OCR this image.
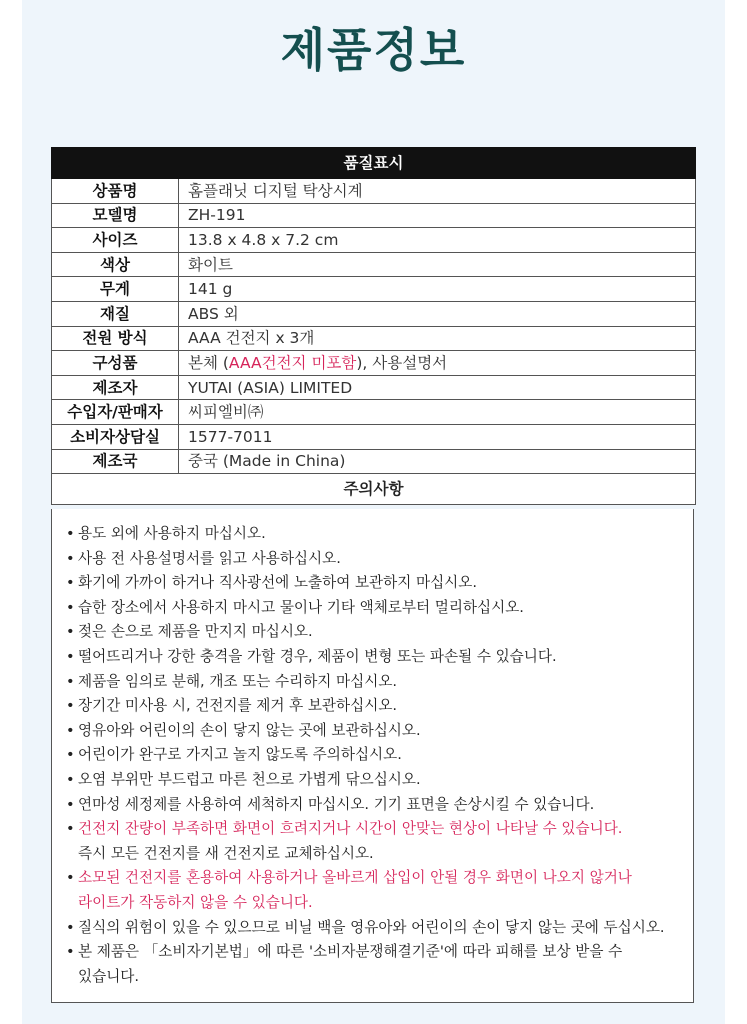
제품정보
품질표시	
상품명	홈플래닛 디지털 탁상시계
모델명	ZH-191
사이즈	13.8 x 4.8 x 7.2 cm
색상	화이트
무게	141 g
재질	ABS 외
전원 방식	AAA 건전지 x 3개
구성품	본체 (AAA건전지 미포함), 사용설명서
제조자	YUTAI (ASIA) LIMITED
수입자/판매자	씨피엘비㈜
소비자상담실	1577-7011
제조국	중국 (Made in China)
주의사항	
• 용도 외에 사용하지 마십시오.
• 사용 전 사용설명서를 읽고 사용하십시오.
• 화기에 가까이 하거나 직사광선에 노출하여 보관하지 마십시오.
• 습한 장소에서 사용하지 마시고 물이나 기타 액체로부터 멀리하십시오.
• 젖은 손으로 제품을 만지지 마십시오.
• 떨어뜨리거나 강한 충격을 가할 경우, 제품이 변형 또는 파손될 수 있습니다.
• 제품을 임의로 분해, 개조 또는 수리하지 마십시오.
• 장기간 미사용 시, 건전지를 제거 후 보관하십시오.
• 영유아와 어린이의 손이 닿지 않는 곳에 보관하십시오.
• 어린이가 완구로 가지고 놀지 않도록 주의하십시오.
• 오염 부위만 부드럽고 마른 천으로 가볍게 닦으십시오.
• 연마성 세정제를 사용하여 세척하지 마십시오. 기기 표면을 손상시킬 수 있습니다.
• 건전지 잔량이 부족하면 화면이 흐려지거나 시간이 안맞는 현상이 나타날 수 있습니다.
즉시 모든 건전지를 새 건전지로 교체하십시오.
• 소모된 건전지를 혼용하여 사용하거나 올바르게 삽입이 안될 경우 화면이 나오지 않거나
라이트가 작동하지 않을 수 있습니다.
• 질식의 위험이 있을 수 있으므로 비닐 백을 영유아와 어린이의 손이 닿지 않는 곳에 두십시오.
• 본 제품은 「소비자기본법」에 따른 '소비자분쟁해결기준'에 따라 피해를 보상 받을 수
있습니다.
